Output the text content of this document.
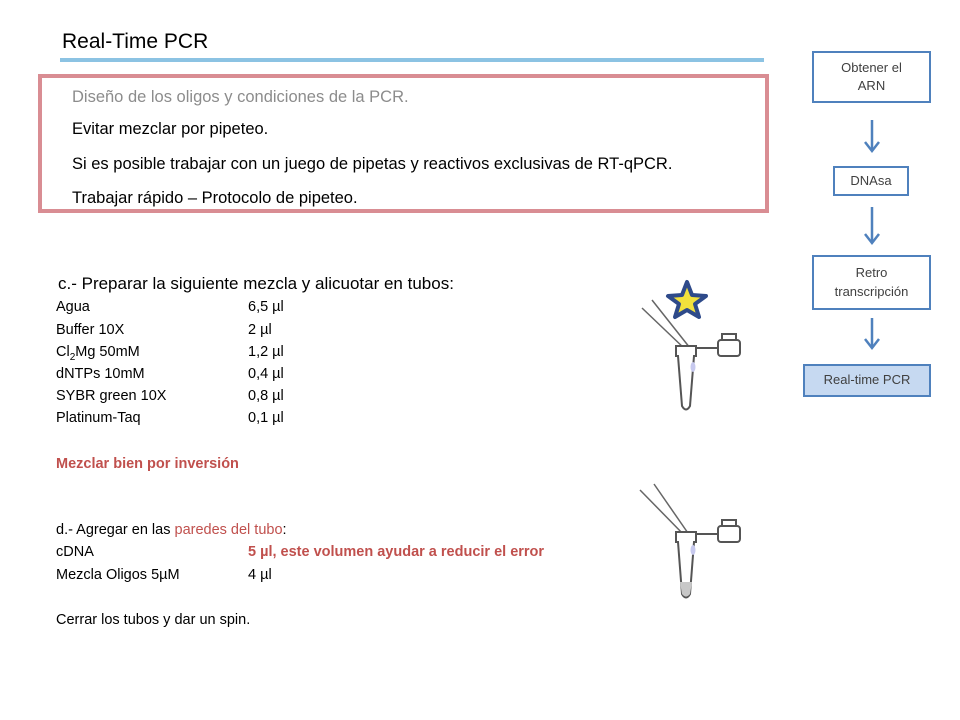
Real-Time PCR
Diseño de los oligos y condiciones de la PCR.
Evitar mezclar por pipeteo.
Si es posible trabajar con un juego de pipetas y reactivos exclusivas de RT-qPCR.
Trabajar rápido – Protocolo de pipeteo.
c.- Preparar la siguiente mezcla y alicuotar en tubos:
Agua	6,5 µl
Buffer 10X	2 µl
$Cl_2Mg$ 50mM	1,2 µl
dNTPs 10mM	0,4 µl
SYBR green 10X	0,8 µl
Platinum-Taq	0,1 µl
Mezclar bien por inversión
d.- Agregar en las paredes del tubo:
cDNA	5 µl, este volumen ayudar a reducir el error
Mezcla Oligos 5µM	4 µl
Cerrar los tubos y dar un spin.
Obtener el
ARN
DNAsa
Retro
transcripción
Real-time PCR
